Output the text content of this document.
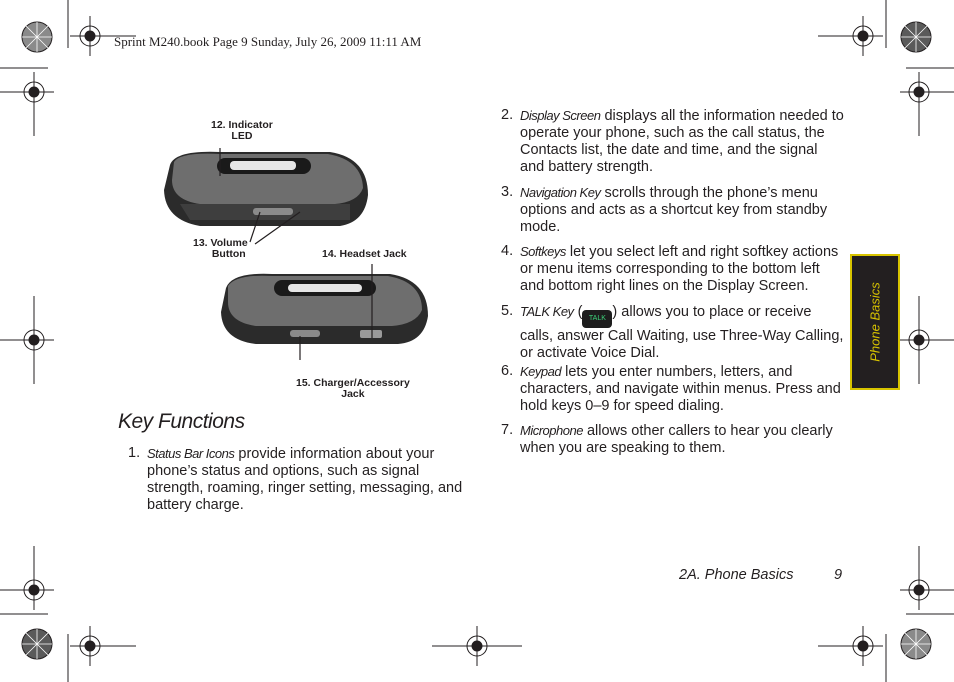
Sprint M240.book Page 9 Sunday, July 26, 2009 11:11 AM
12. Indicator
LED
13. Volume
Button	14. Headset Jack
15. Charger/Accessory
Jack
Key Functions
1. Status Bar Icons provide information about your phone’s status and options, such as signal strength, roaming, ringer setting, messaging, and battery charge.
2. Display Screen displays all the information needed to operate your phone, such as the call status, the Contacts list, the date and time, and the signal and battery strength.
3. Navigation Key scrolls through the phone’s menu options and acts as a shortcut key from standby mode.
4. Softkeys let you select left and right softkey actions or menu items corresponding to the bottom left and bottom right lines on the Display Screen.
5. TALK Key ( TALK ) allows you to place or receive calls, answer Call Waiting, use Three-Way Calling, or activate Voice Dial.
6. Keypad lets you enter numbers, letters, and characters, and navigate within menus. Press and hold keys 0–9 for speed dialing.
7. Microphone allows other callers to hear you clearly when you are speaking to them.
Phone Basics
2A. Phone Basics	9
